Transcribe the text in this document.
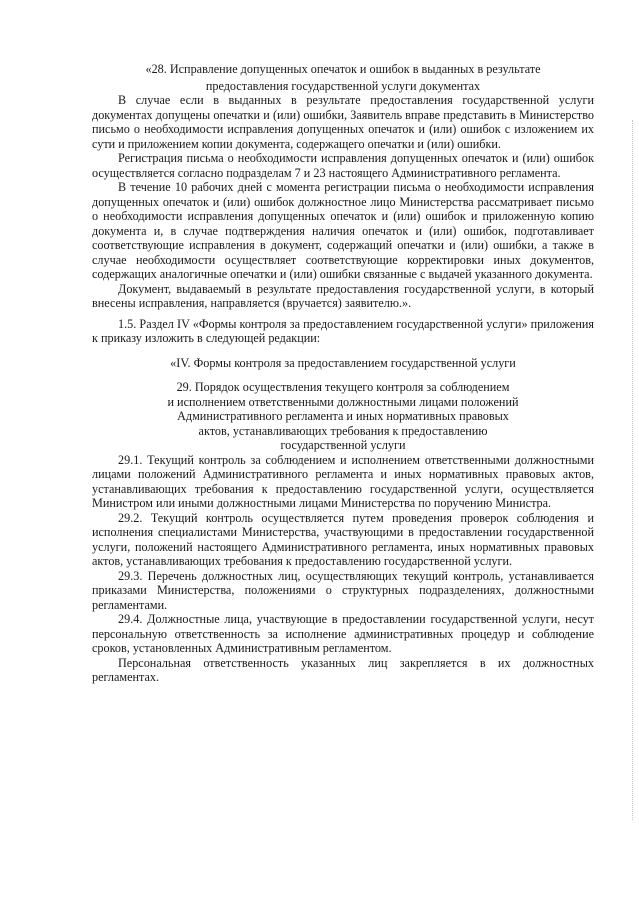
«28. Исправление допущенных опечаток и ошибок в выданных в результате
предоставления государственной услуги документах

В случае если в выданных в результате предоставления государственной услуги документах допущены опечатки и (или) ошибки, Заявитель вправе представить в Министерство письмо о необходимости исправления допущенных опечаток и (или) ошибок с изложением их сути и приложением копии документа, содержащего опечатки и (или) ошибки.

Регистрация письма о необходимости исправления допущенных опечаток и (или) ошибок осуществляется согласно подразделам 7 и 23 настоящего Административного регламента.

В течение 10 рабочих дней с момента регистрации письма о необходимости исправления допущенных опечаток и (или) ошибок должностное лицо Министерства рассматривает письмо о необходимости исправления допущенных опечаток и (или) ошибок и приложенную копию документа и, в случае подтверждения наличия опечаток и (или) ошибок, подготавливает соответствующие исправления в документ, содержащий опечатки и (или) ошибки, а также в случае необходимости осуществляет соответствующие корректировки иных документов, содержащих аналогичные опечатки и (или) ошибки связанные с выдачей указанного документа.

Документ, выдаваемый в результате предоставления государственной услуги, в который внесены исправления, направляется (вручается) заявителю.».

1.5. Раздел IV «Формы контроля за предоставлением государственной услуги» приложения к приказу изложить в следующей редакции:

«IV. Формы контроля за предоставлением государственной услуги
29. Порядок осуществления текущего контроля за соблюдением
и исполнением ответственными должностными лицами положений
Административного регламента и иных нормативных правовых
актов, устанавливающих требования к предоставлению
государственной услуги

29.1. Текущий контроль за соблюдением и исполнением ответственными должностными лицами положений Административного регламента и иных нормативных правовых актов, устанавливающих требования к предоставлению государственной услуги, осуществляется Министром или иными должностными лицами Министерства по поручению Министра.

29.2. Текущий контроль осуществляется путем проведения проверок соблюдения и исполнения специалистами Министерства, участвующими в предоставлении государственной услуги, положений настоящего Административного регламента, иных нормативных правовых актов, устанавливающих требования к предоставлению государственной услуги.

29.3. Перечень должностных лиц, осуществляющих текущий контроль, устанавливается приказами Министерства, положениями о структурных подразделениях, должностными регламентами.

29.4. Должностные лица, участвующие в предоставлении государственной услуги, несут персональную ответственность за исполнение административных процедур и соблюдение сроков, установленных Административным регламентом.

Персональная ответственность указанных лиц закрепляется в их должностных регламентах.
